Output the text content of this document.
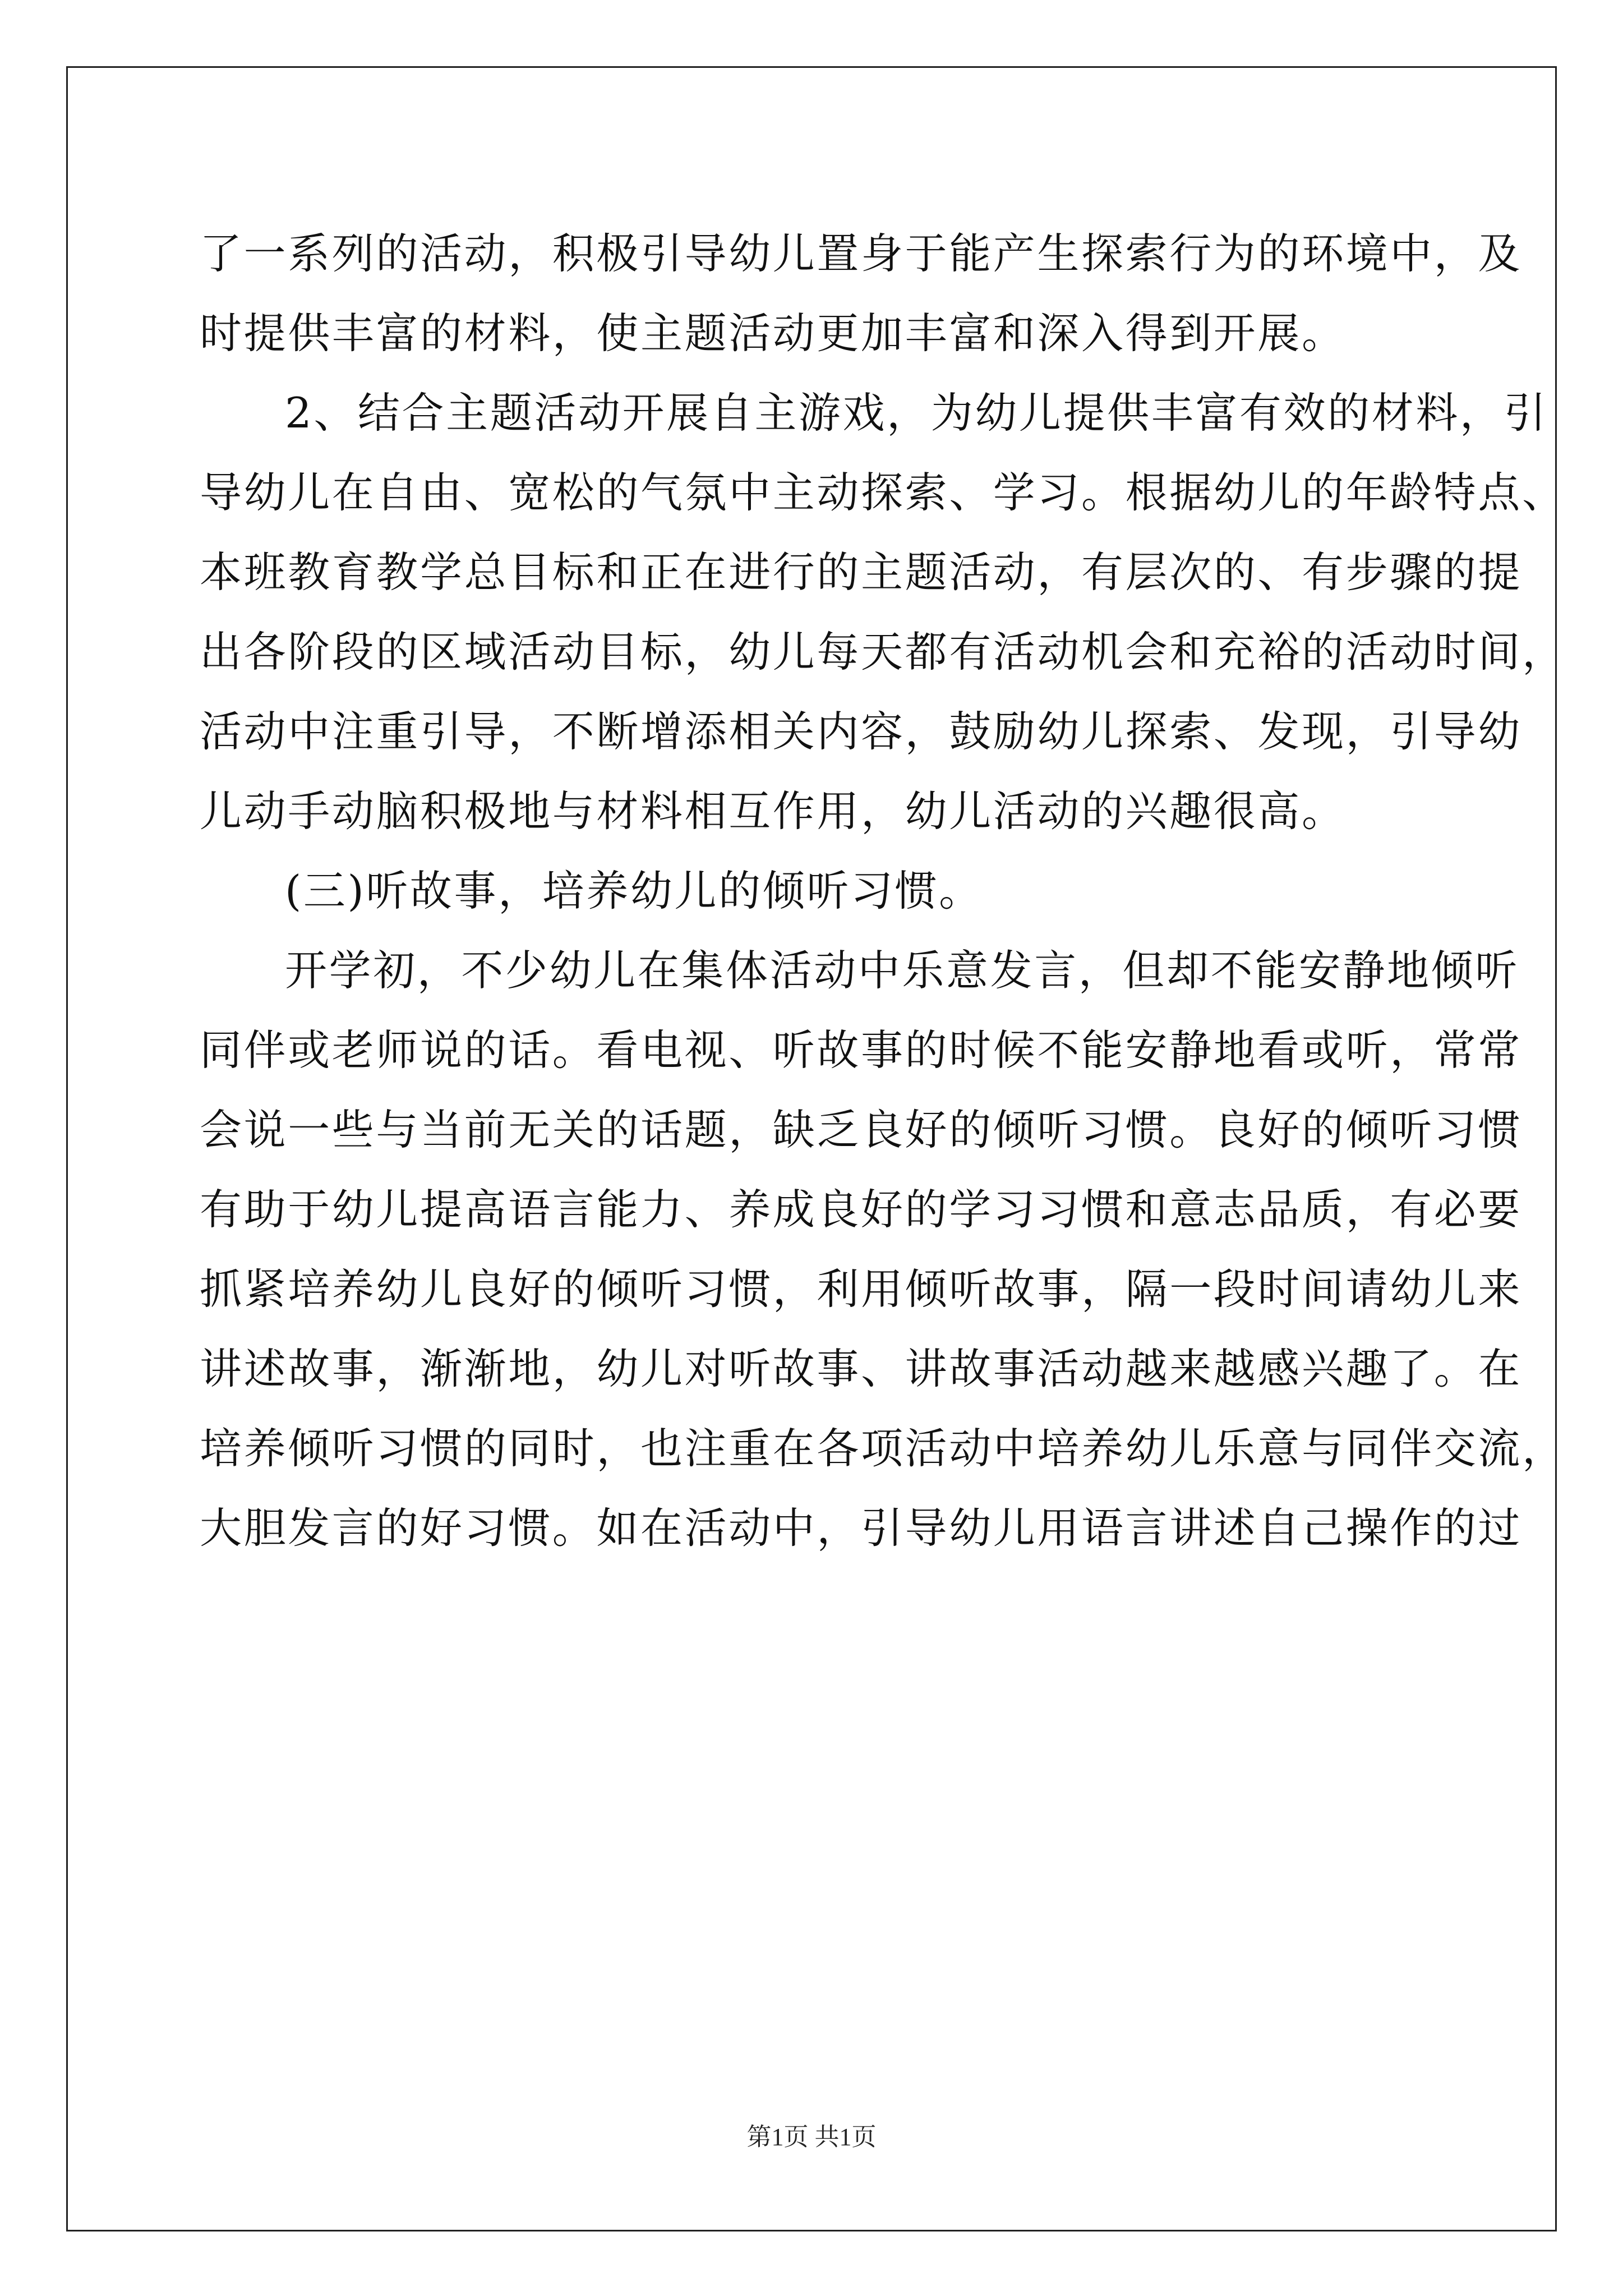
了一系列的活动，积极引导幼儿置身于能产生探索行为的环境中，及
时提供丰富的材料，使主题活动更加丰富和深入得到开展。
2、结合主题活动开展自主游戏，为幼儿提供丰富有效的材料，引
导幼儿在自由、宽松的气氛中主动探索、学习。根据幼儿的年龄特点、
本班教育教学总目标和正在进行的主题活动，有层次的、有步骤的提
出各阶段的区域活动目标，幼儿每天都有活动机会和充裕的活动时间，
活动中注重引导，不断增添相关内容，鼓励幼儿探索、发现，引导幼
儿动手动脑积极地与材料相互作用，幼儿活动的兴趣很高。
(三)听故事，培养幼儿的倾听习惯。
开学初，不少幼儿在集体活动中乐意发言，但却不能安静地倾听
同伴或老师说的话。看电视、听故事的时候不能安静地看或听，常常
会说一些与当前无关的话题，缺乏良好的倾听习惯。良好的倾听习惯
有助于幼儿提高语言能力、养成良好的学习习惯和意志品质，有必要
抓紧培养幼儿良好的倾听习惯，利用倾听故事，隔一段时间请幼儿来
讲述故事，渐渐地，幼儿对听故事、讲故事活动越来越感兴趣了。在
培养倾听习惯的同时，也注重在各项活动中培养幼儿乐意与同伴交流，
大胆发言的好习惯。如在活动中，引导幼儿用语言讲述自己操作的过
第1页 共1页
